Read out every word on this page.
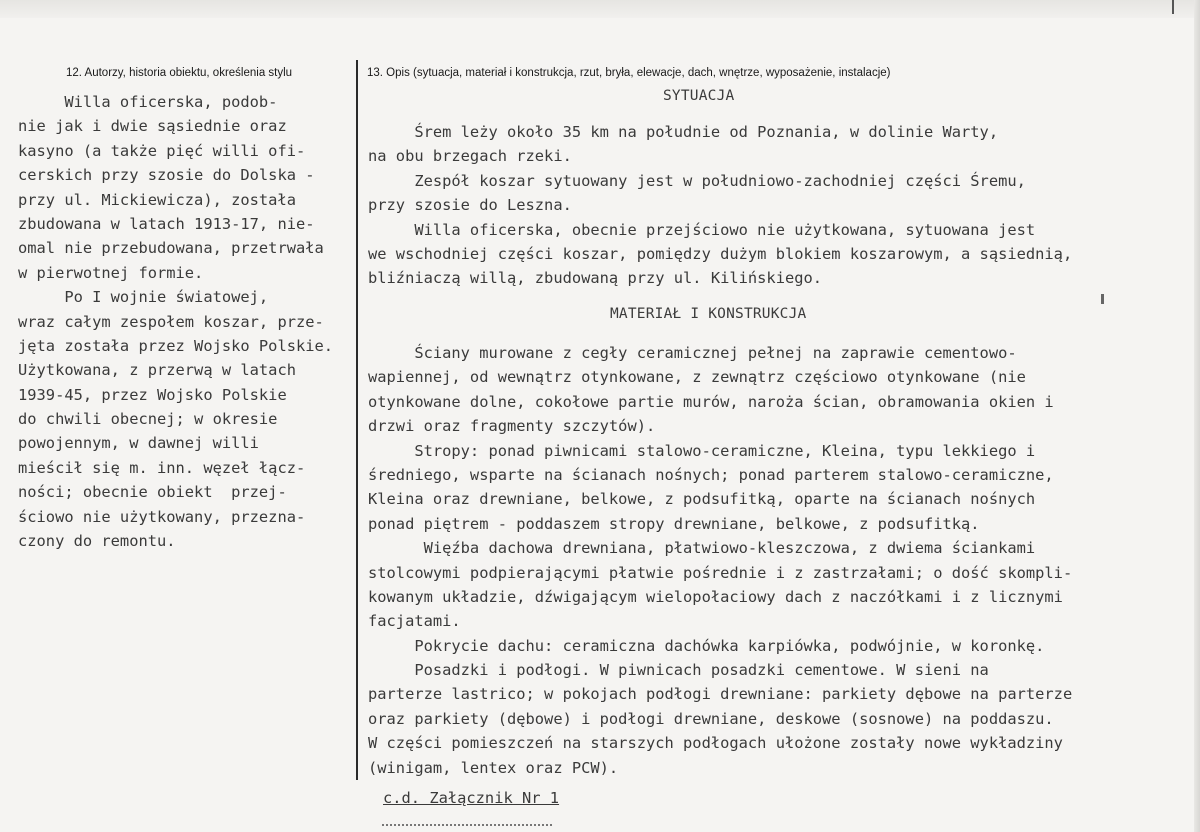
12. Autorzy, historia obiektu, określenia stylu	13. Opis (sytuacja, materiał i konstrukcja, rzut, bryła, elewacje, dach, wnętrze, wyposażenie, instalacje)
Willa oficerska, podob-
nie jak i dwie sąsiednie oraz
kasyno (a także pięć willi ofi-
cerskich przy szosie do Dolska -
przy ul. Mickiewicza), została
zbudowana w latach 1913-17, nie-
omal nie przebudowana, przetrwała
w pierwotnej formie.
Po I wojnie światowej,
wraz całym zespołem koszar, prze-
jęta została przez Wojsko Polskie.
Użytkowana, z przerwą w latach
1939-45, przez Wojsko Polskie
do chwili obecnej; w okresie
powojennym, w dawnej willi
mieścił się m. inn. węzeł łącz-
ności; obecnie obiekt  przej-
ściowo nie użytkowany, przezna-
czony do remontu.
SYTUACJA
Śrem leży około 35 km na południe od Poznania, w dolinie Warty,
na obu brzegach rzeki.
Zespół koszar sytuowany jest w południowo-zachodniej części Śremu,
przy szosie do Leszna.
Willa oficerska, obecnie przejściowo nie użytkowana, sytuowana jest
we wschodniej części koszar, pomiędzy dużym blokiem koszarowym, a sąsiednią,
bliźniaczą willą, zbudowaną przy ul. Kilińskiego.
MATERIAŁ I KONSTRUKCJA
Ściany murowane z cegły ceramicznej pełnej na zaprawie cementowo-
wapiennej, od wewnątrz otynkowane, z zewnątrz częściowo otynkowane (nie
otynkowane dolne, cokołowe partie murów, naroża ścian, obramowania okien i
drzwi oraz fragmenty szczytów).
Stropy: ponad piwnicami stalowo-ceramiczne, Kleina, typu lekkiego i
średniego, wsparte na ścianach nośnych; ponad parterem stalowo-ceramiczne,
Kleina oraz drewniane, belkowe, z podsufitką, oparte na ścianach nośnych
ponad piętrem - poddaszem stropy drewniane, belkowe, z podsufitką.
Więźba dachowa drewniana, płatwiowo-kleszczowa, z dwiema ściankami
stolcowymi podpierającymi płatwie pośrednie i z zastrzałami; o dość skompli-
kowanym układzie, dźwigającym wielopołaciowy dach z naczółkami i z licznymi
facjatami.
Pokrycie dachu: ceramiczna dachówka karpiówka, podwójnie, w koronkę.
Posadzki i podłogi. W piwnicach posadzki cementowe. W sieni na
parterze lastrico; w pokojach podłogi drewniane: parkiety dębowe na parterze
oraz parkiety (dębowe) i podłogi drewniane, deskowe (sosnowe) na poddaszu.
W części pomieszczeń na starszych podłogach ułożone zostały nowe wykładziny
(winigam, lentex oraz PCW).
c.d. Załącznik Nr 1
